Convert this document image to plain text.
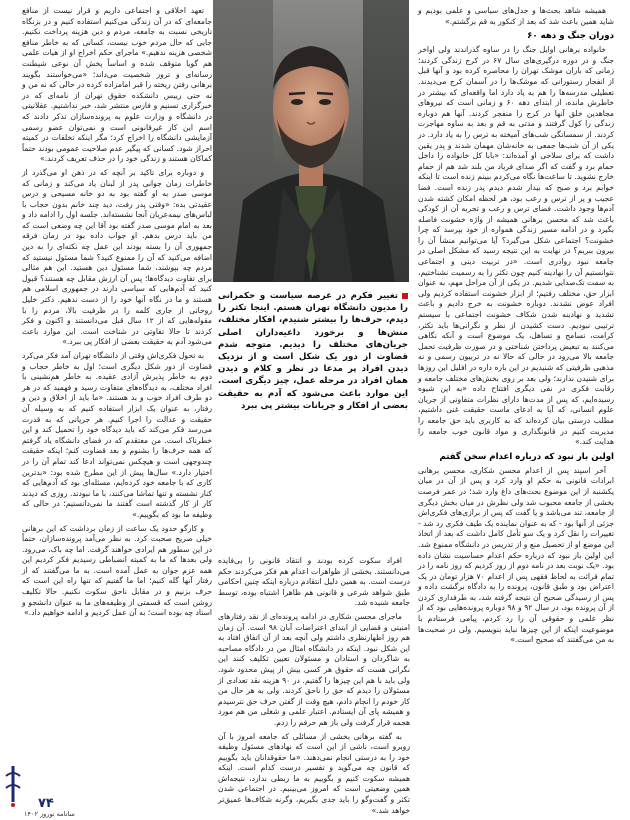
تغییر فکرم در عرصه سیاست و حکمرانی را مدیون دانشگاه تهران هستم. اینجا تکثر را دیدم، حرف‌ها را بیشتر شنیدم، افکار مختلف، منش‌ها و برخورد داعیه‌داران اصلی جریان‌های مختلف را دیدیم. متوجه شدم قضاوت از دور یک شکل است و از نزدیک دیدن افراد پر مدعا در نظر و کلام و دیدن همان افراد در مرحله عمل، چیز دیگری است. این موارد باعث می‌شود که آدم به حقیقت بعضی از افکار و جریانات بیشتر پی ببرد

همیشه شاهد بحث‌ها و جدل‌های سیاسی و علمی بودیم و شاید همین باعث شد که بعد از کنکور به قم برگشتم.»

دوران جنگ و دهه ۶۰

خانواده برهانی اوایل جنگ را در ساوه گذراندند ولی اواخر جنگ و در دوره درگیری‌های سال ۶۷ در کرج زندگی کردند؛ زمانی که باران موشک تهران را محاصره کرده بود و آنها قبل از انفجار رستورانی که موشک‌ها را در آسمان کرج می‌دیدند. تعطیلی مدرسه‌ها را هم به یاد دارد اما واقعه‌ای که بیشتر در خاطرش مانده، از ابتدای دهه ۶۰ و زمانی است که نیروهای مجاهدین خلق آنها در کرج را منفجر کردند. آنها هم دوباره زندگی را کول گرفتند و مدتی به قم و بعد به ساوه مهاجرت کردند. از سمساتگی شب‌های آمیخته به ترس را به یاد دارد. در یکی از آن شب‌ها جمعی به خانه‌شان مهمان شدند و پدر یقین داشت که برای سلاحی او آمده‌اند: «بابا کل خانواده را داخل حمام برد و گفت که اگر صدای فریاد من بلند شد هم از حمام خارج نشوید. تا ساعت‌ها نگاه می‌کردم ببینم زنده است تا اینکه خوابم برد و صبح که بیدار شدم دیدم پدر زنده است. فضا عجیب و پر از ترس و رعب بود، هر لحظه امکان کشته شدن آدم‌ها وجود داشت. فضای ترس و رعب و تجربه آن از کودکی باعث شد که محسن برهانی همیشه از واژه خشونت فاصله بگیرد و در ادامه مسیر زندگی همواره از خود بپرسد که چرا خشونت؟ اجتماعی شکل می‌گیرد؟ آیا می‌توانیم منشأ آن را بیرون ببریم؟ در نهایت به این نتیجه رسید که مشکل اصلی در جامعه نبود روادری است. «در تربیت دینی و اجتماعی نتوانستیم آن را نهادینه کنیم چون تکثر را به رسمیت نشناختیم، به سمت تک‌صدایی شدیم. در یکی از آن مراحل مهم، به عنوان ابزار حق، مختلف رفتیم؛ از ابزار خشونت استفاده کردیم ولی افراد عوض نشدند. دوباره خشونت به خرج دادیم و باعث تشدید و نهادینه شدن شکاف خشونت اجتماعی با سیستم ترتیبی نبودیم. دست کشیدن از نظر و نگرانی‌ها باید تکثر، کرامت، تسامح و تساهل، یک موضوع است و آنکه نگاهی می‌کنند به تبعیض پرداختن شناختی و در صورت ظرفیت تحمل جامعه بالا می‌رود در حالی که حالا نه در تربیون رسمی و نه مذهبی ظرفیتی که شنیدیم در این باره داره در افلیل این روزها برای شنیدن ندارند؛ ولی بعد بر روی بخش‌های مختلف جامعه و رقابت فکری در نفی دیگری افتتاح داده «به این شیوه رسیده‌ایم، که پس از مدت‌ها دارای نظرات متفاوتی از جریان علوم انسانی، که آیا به ادعای ماست حقیقت غنی داشتیم، مطلب درستی بیان کرده‌اند که به کاربری باید حق جامعه را مدیریت کنیم در قانونگذاری و مواد قانون خوب جامعه را هدایت کند.»

اولین بار نبود که درباره اعدام سخن گفتم

آخر اسپند پس از اعدام محسن شکاری، محسن برهانی ابرادات قانونی به حکم او وارد کرد و پس از آن در میان یکشنبه از این موضوع بحث‌های داغ وارد شد؛ در عمر فرصت بخشی از جامعه محبوب شد ولی نظرش در میان بخش دیگری از جامعه، تند می‌باشد و یا گفت که پس از برازی‌های فکری‌اش جزئی از آنها بود - که به عنوان نماینده یک طیف فکری رد شد - تغییرات را نقل کرد و یک سو تأمل کامل داشت که بعد از اتخاذ این موضع او از تحصیل منع و از تدریس در دانشگاه ممنوع شد. این اولین بار نبود که درباره حکم اعدام حساسیت نشان داده بود. «یک نوبت بعد در نامه دوم از روز کردیم که روز نامه را در تمام قرائت به لحاظ فقهی پس از اعدام ۷۰ هزار تومان در یک اعتراض بود و طبق قانون، پرونده را به دادگاه برگشت داده و پس از رسیدگی صحیح آن نتیجه گرفته شد، به طرفداری کردن از آن پرونده بود، در سال ۹۲ و ۹۸ دوباره پرونده‌هایی بود که از نظر علمی و حقوقی آن را رد کردم، پیامی فرستادم با موضوعیت اینکه از این چیزها نباید بنویسیم. ولی در صحبت‌ها به من می‌گفتند که صحیح است.»

افراد سکوت کرده بودند و انتقاد قانونی را بی‌فایده می‌دانستند. بخشی از ظواهرات اعدام هم فکر می‌کردند حکم درست است. به همین دلیل انتقادم درباره اینکه چنین احکامی طبق شواهد شرعی و قانونی هم ظاهرا اشتباه بوده، توسط جامعه شنیده شد.

ماجرای محسن شکاری در ادامه پرونده‌ای از نقد رفتارهای امنیتی و قضایی از ابتدای اعتراضات آبان ۹۸ است. آن زمان هم روز اظهارنظری داشتم ولی آنچه بعد از آن اتفاق افتاد به این شکل نبود. اینکه در دانشگاه امثال من در دادگاه مصاحبه به شاگردان و استادان و مسئولان تعیین تکلیف کنند این نگرانی هست که حقوق هر کسی بیش از پیش محدود شود. ولی باید با هم این چیزها را گفتیم. در ۹۰ هزینه نقد تعدادی از مسئولان را دیدم که حق را ناحق کردند. ولی به هر حال من کار خودم را انجام دادم، هیچ وقت از گفتن حرف حق نترسیدم و همیشه پای آن ایستادم. اعتبار علمی و شغلی من هم مورد هجمه قرار گرفت ولی باز هم حرفم را زدم.

به گفته برهانی بخشی از مسائلی که جامعه امروز با آن روبرو است، ناشی از این است که نهادهای مسئول وظیفه خود را به درستی انجام نمی‌دهند. «ما حقوقدانان باید بگوییم که قانون چه می‌گوید و تفسیر درست کدام است. اینکه همیشه سکوت کنیم و بگوییم به ما ربطی ندارد، نتیجه‌اش همین وضعیتی است که امروز می‌بینیم. در اجتماعی شدن تکثر و گفت‌وگو را باید جدی بگیریم، وگرنه شکاف‌ها عمیق‌تر خواهد شد.»

تعهد اخلاقی و اجتماعی داریم و قرار نیست از منافع جامعه‌ای که در آن زندگی می‌کنیم استفاده کنیم و در بزنگاه تاریخی نسبت به جامعه، مردم و دین هزینه پرداخت نکنیم. جایی که حال مردم خوب نیست، کسانی که به خاطر منافع شخصی هزینه ندهیم.» ماجرای حکم اخراج او از هیات علمی هم گویا متوقف شده و اساساً پخش آن نوعی شیطنت رسانه‌ای و ترور شخصیت می‌داند؛ «می‌خواستند بگویند برهانی رفتن ریخته را قبر امامزاده کرده در حالی که نه من و نه حتی رییس دانشکده حقوق تهران از نامه‌ای که در خبرگزاری تسنیم و فارس منتشر شد، خبر نداشتیم. عقلانیتی در دانشگاه و وزارت علوم به پرونده‌سازان تذکر دادند که اسم این کار غیرقانونی است و نمی‌توان عضو رسمی آزمایشی دانشگاه را اخراج کرد؛ مگر اینکه تخلفات در کمیته احراز شود. کسانی که پیگیر عدم صلاحیت عمومی بودند حتماً کماکان هستند و زندگی خود را در حذف تعریف کردند.»

و دوباره برای تاکید بر آنچه که در ذهن او می‌گذرد از خاطرات زمان جوانی پدر از لبنان یاد می‌کند و زمانی که موسی صدر به او گفته بود به دو خانه مسیحی و درس عقیدتی بده: «وقتی پدر رفت، دید چند خانم بدون حجاب با لباس‌های نیمه‌عریان آنجا نشسته‌اند. جلسه اول را ادامه داد و بعد به امام موسی صدر گفته بود آقا این چه وضعی است که من باید درس بدهم. او جواب داده بود در زمان فرقه جمهوری آن را بسته بودند این عمل چه نکته‌ای را به دین اضافه می‌کنید که آن را ممنوع کنید؟ شما مسئول نیستید که مردم چه بپوشند، شما مسئول دین هستید. این هم مثالی برای تفاوت دیدگاه‌ها؛ پس آن ارزش مقابل چه هستند؟ قبول کنید که آدم‌هایی که سیاسی دارند در جمهوری اسلامی هم هستند و ما در نگاه آنها خود را از دست ندهیم. دکتر خلیل روحانی از جاری کلمه را در ظرفیت بالا، مردم را با مقوله‌هایی که از ۱۲ سال قبل می‌دانستند و اکنون و فکر کردند تا حالا تفاوتی در شناخت است. این موارد باعث می‌شود آدم به حقیقت بعضی از افکار پی ببرد.»

به تحول فکری‌اش وقتی از دانشگاه تهران آمد فکر می‌کرد قضاوت از دور شکل دیگری است؛ اول به خاطر حجاب و دوم به خاطر پذیرش آزادی عقیده. به خاطر هم‌نشینی با افراد مختلف، به دیدگاه‌های متفاوت رسید و فهمید که در هر دو طرف افراد خوب و بد هستند. «ما باید از اخلاق و دین و رفتار، به عنوان یک ابزار استفاده کنیم که به وسیله آن حقیقت و عدالت را اجرا کنیم. هر جریانی که به قدرت می‌رسد فکر می‌کند که باید دیدگاه خود را تحمیل کند و این خطرناک است. من معتقدم که در فضای دانشگاه یاد گرفتم که همه حرف‌ها را بشنوم و بعد قضاوت کنم؛ اینکه حقیقت چندوجهی است و هیچکس نمی‌تواند ادعا کند تمام آن را در اختیار دارد.» سال‌ها پیش از این مطرح شده بود: «بدترین کاری که با جامعه خود کرده‌ایم، مسئله‌ای بود که آدم‌هایی که کنار نشسته و تنها تماشا می‌کنند، با ما نبودند. روزی که دیدند کار از کار گذشته است گفتند ما نمی‌دانستیم؛ در حالی که وظیفه ما بود که بگوییم.»

و کارگو حدود یک ساعت از زمان برداشت که این برهانی خیلی صریح صحبت کرد. به نظر می‌آمد پرونده‌سازان، حتماً در این سطور هم ایرادی خواهند گرفت. اما چه باک، می‌رود. ولی بعدها که ما به کمیته انضباطی رسیدیم فکر کردیم این همه عزم جوان به عمل آمده است. به ما می‌گفتند که از رفتار آنها گله کنیم؛ اما ما گفتیم که تنها راه این است که حرف بزنیم و در مقابل ناحق سکوت نکنیم. حالا تکلیف روشن است که قسمتی از وظیفه‌های ما به عنوان دانشجو و استاد چه بوده است؛ به آن عمل کردیم و ادامه خواهیم داد.»

۷۴
ساتامه نوروز ۱۴۰۲
